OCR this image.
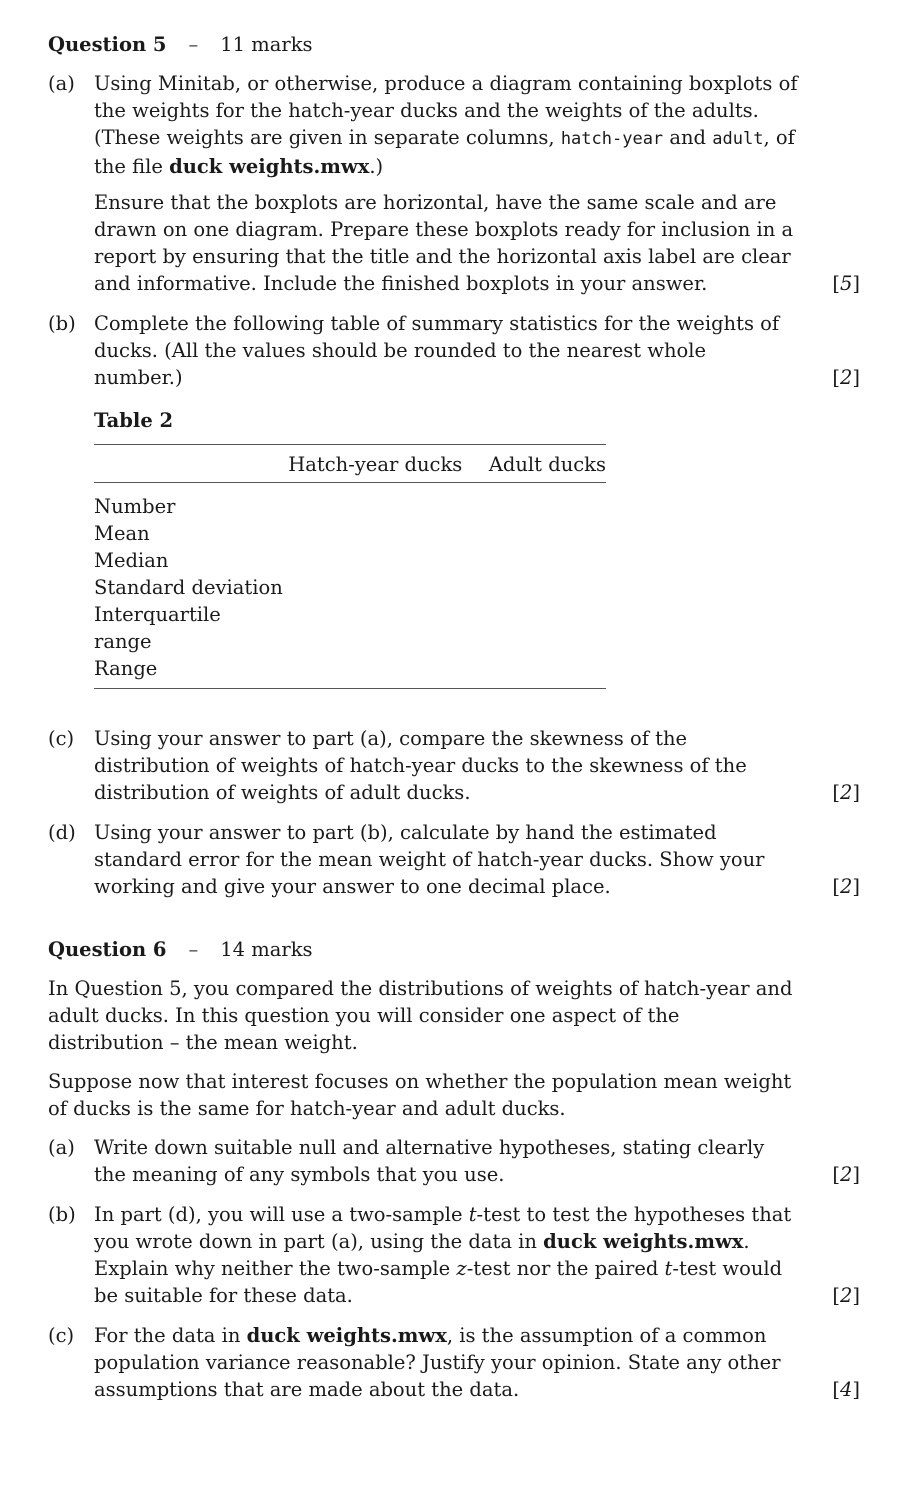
Question 5 – 11 marks
(a) Using Minitab, or otherwise, produce a diagram containing boxplots of the weights for the hatch-year ducks and the weights of the adults. (These weights are given in separate columns, hatch-year and adult, of the file duck weights.mwx.)
Ensure that the boxplots are horizontal, have the same scale and are drawn on one diagram. Prepare these boxplots ready for inclusion in a report by ensuring that the title and the horizontal axis label are clear and informative. Include the finished boxplots in your answer.	[5]
(b) Complete the following table of summary statistics for the weights of ducks. (All the values should be rounded to the nearest whole number.)	[2]
Table 2
	Hatch-year ducks	Adult ducks
Number		
Mean		
Median		
Standard deviation		
Interquartile range		
Range		

(c) Using your answer to part (a), compare the skewness of the distribution of weights of hatch-year ducks to the skewness of the distribution of weights of adult ducks.	[2]
(d) Using your answer to part (b), calculate by hand the estimated standard error for the mean weight of hatch-year ducks. Show your working and give your answer to one decimal place.	[2]
Question 6 – 14 marks
In Question 5, you compared the distributions of weights of hatch-year and adult ducks. In this question you will consider one aspect of the distribution – the mean weight.
Suppose now that interest focuses on whether the population mean weight of ducks is the same for hatch-year and adult ducks.
(a) Write down suitable null and alternative hypotheses, stating clearly the meaning of any symbols that you use.	[2]
(b) In part (d), you will use a two-sample t-test to test the hypotheses that you wrote down in part (a), using the data in duck weights.mwx. Explain why neither the two-sample z-test nor the paired t-test would be suitable for these data.	[2]
(c) For the data in duck weights.mwx, is the assumption of a common population variance reasonable? Justify your opinion. State any other assumptions that are made about the data.	[4]
